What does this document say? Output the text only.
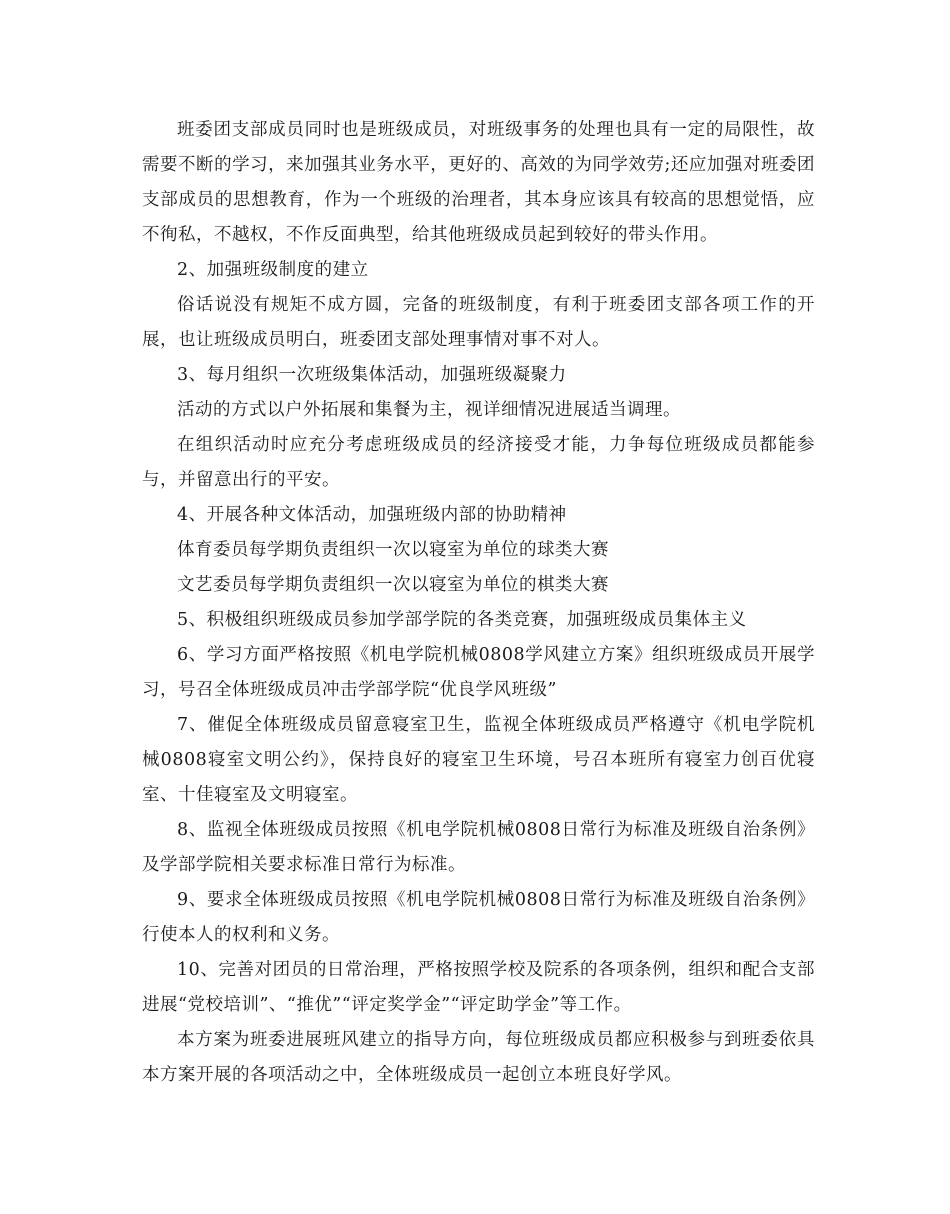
班委团支部成员同时也是班级成员，对班级事务的处理也具有一定的局限性，故需要不断的学习，来加强其业务水平，更好的、高效的为同学效劳;还应加强对班委团支部成员的思想教育，作为一个班级的治理者，其本身应该具有较高的思想觉悟，应不徇私，不越权，不作反面典型，给其他班级成员起到较好的带头作用。

2、加强班级制度的建立

俗话说没有规矩不成方圆，完备的班级制度，有利于班委团支部各项工作的开展，也让班级成员明白，班委团支部处理事情对事不对人。

3、每月组织一次班级集体活动，加强班级凝聚力

活动的方式以户外拓展和集餐为主，视详细情况进展适当调理。

在组织活动时应充分考虑班级成员的经济接受才能，力争每位班级成员都能参与，并留意出行的平安。

4、开展各种文体活动，加强班级内部的协助精神

体育委员每学期负责组织一次以寝室为单位的球类大赛

文艺委员每学期负责组织一次以寝室为单位的棋类大赛

5、积极组织班级成员参加学部学院的各类竞赛，加强班级成员集体主义

6、学习方面严格按照《机电学院机械0808学风建立方案》组织班级成员开展学习，号召全体班级成员冲击学部学院“优良学风班级”

7、催促全体班级成员留意寝室卫生，监视全体班级成员严格遵守《机电学院机械0808寝室文明公约》，保持良好的寝室卫生环境，号召本班所有寝室力创百优寝室、十佳寝室及文明寝室。

8、监视全体班级成员按照《机电学院机械0808日常行为标准及班级自治条例》及学部学院相关要求标准日常行为标准。

9、要求全体班级成员按照《机电学院机械0808日常行为标准及班级自治条例》行使本人的权利和义务。

10、完善对团员的日常治理，严格按照学校及院系的各项条例，组织和配合支部进展“党校培训”、“推优”“评定奖学金”“评定助学金”等工作。

本方案为班委进展班风建立的指导方向，每位班级成员都应积极参与到班委依具本方案开展的各项活动之中，全体班级成员一起创立本班良好学风。
